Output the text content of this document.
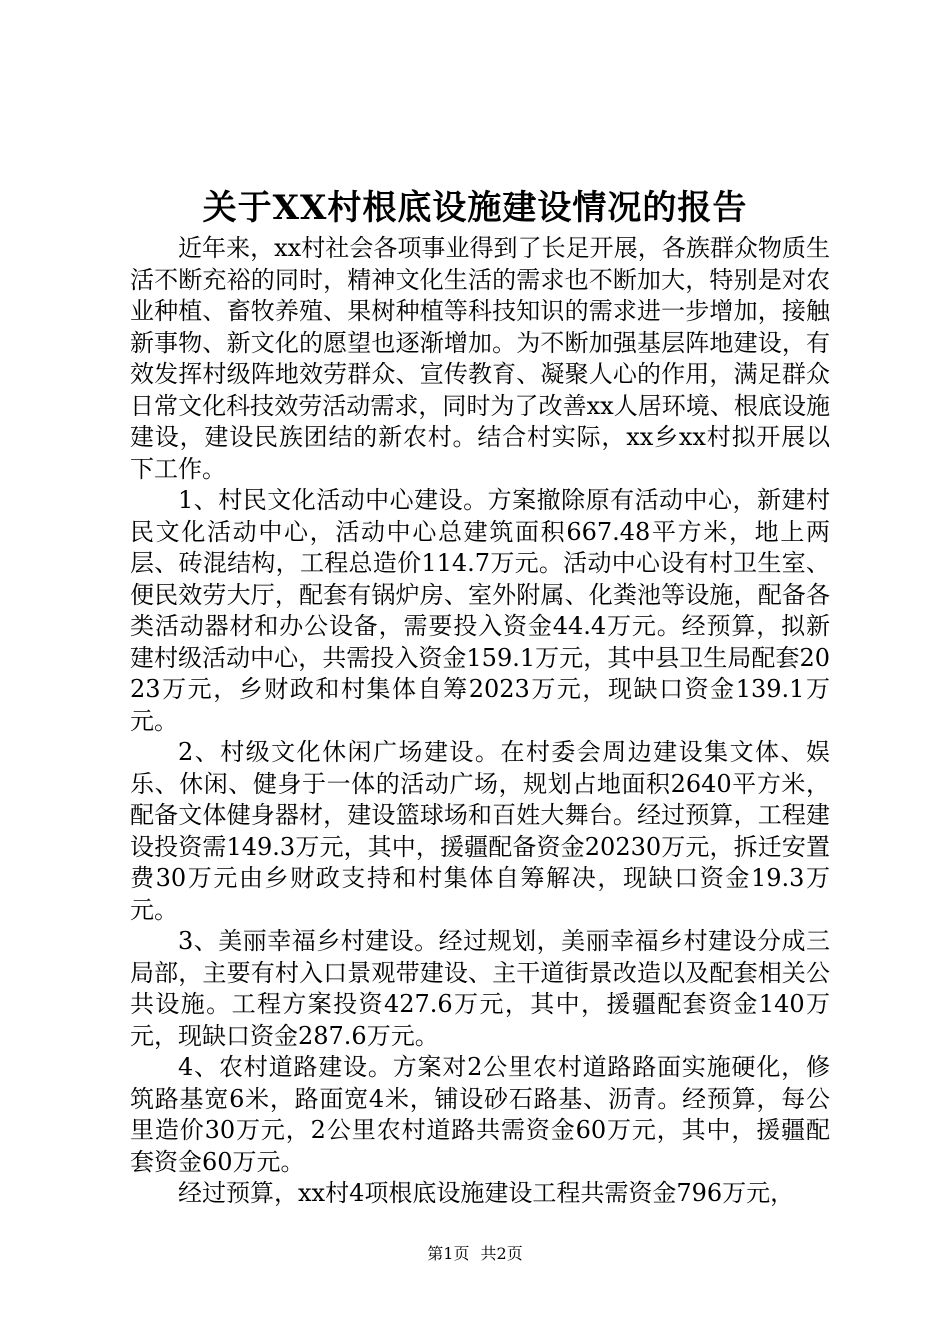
关于XX村根底设施建设情况的报告

近年来，xx村社会各项事业得到了长足开展，各族群众物质生活不断充裕的同时，精神文化生活的需求也不断加大，特别是对农业种植、畜牧养殖、果树种植等科技知识的需求进一步增加，接触新事物、新文化的愿望也逐渐增加。为不断加强基层阵地建设，有效发挥村级阵地效劳群众、宣传教育、凝聚人心的作用，满足群众日常文化科技效劳活动需求，同时为了改善xx人居环境、根底设施建设，建设民族团结的新农村。结合村实际，xx乡xx村拟开展以下工作。

1、村民文化活动中心建设。方案撤除原有活动中心，新建村民文化活动中心，活动中心总建筑面积667.48平方米，地上两层、砖混结构，工程总造价114.7万元。活动中心设有村卫生室、便民效劳大厅，配套有锅炉房、室外附属、化粪池等设施，配备各类活动器材和办公设备，需要投入资金44.4万元。经预算，拟新建村级活动中心，共需投入资金159.1万元，其中县卫生局配套2023万元，乡财政和村集体自筹2023万元，现缺口资金139.1万元。

2、村级文化休闲广场建设。在村委会周边建设集文体、娱乐、休闲、健身于一体的活动广场，规划占地面积2640平方米，配备文体健身器材，建设篮球场和百姓大舞台。经过预算，工程建设投资需149.3万元，其中，援疆配备资金20230万元，拆迁安置费30万元由乡财政支持和村集体自筹解决，现缺口资金19.3万元。

3、美丽幸福乡村建设。经过规划，美丽幸福乡村建设分成三局部，主要有村入口景观带建设、主干道街景改造以及配套相关公共设施。工程方案投资427.6万元，其中，援疆配套资金140万元，现缺口资金287.6万元。

4、农村道路建设。方案对2公里农村道路路面实施硬化，修筑路基宽6米，路面宽4米，铺设砂石路基、沥青。经预算，每公里造价30万元，2公里农村道路共需资金60万元，其中，援疆配套资金60万元。

经过预算，xx村4项根底设施建设工程共需资金796万元，

第1页 共2页
